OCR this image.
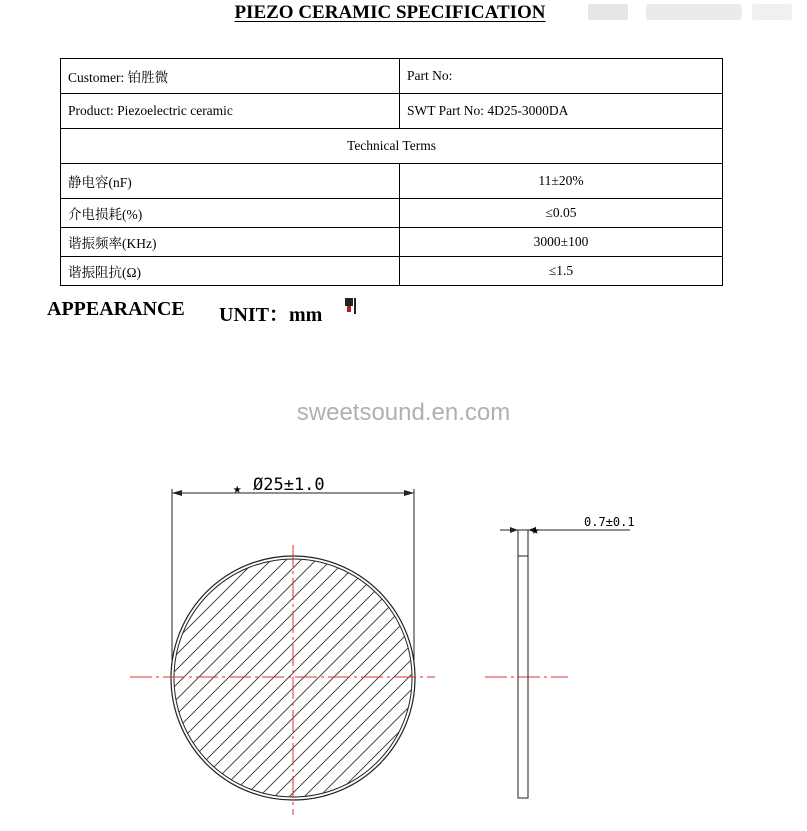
PIEZO CERAMIC SPECIFICATION
Customer: 铂胜微	Part No:
Product: Piezoelectric ceramic	SWT Part No: 4D25-3000DA
Technical Terms	
静电容(nF)	11±20%
介电损耗(%)	≤0.05
谐振频率(KHz)	3000±100
谐振阻抗(Ω)	≤1.5
APPEARANCE UNIT：mm
sweetsound.en.com
★ Ø25±1.0
★	0.7±0.1
